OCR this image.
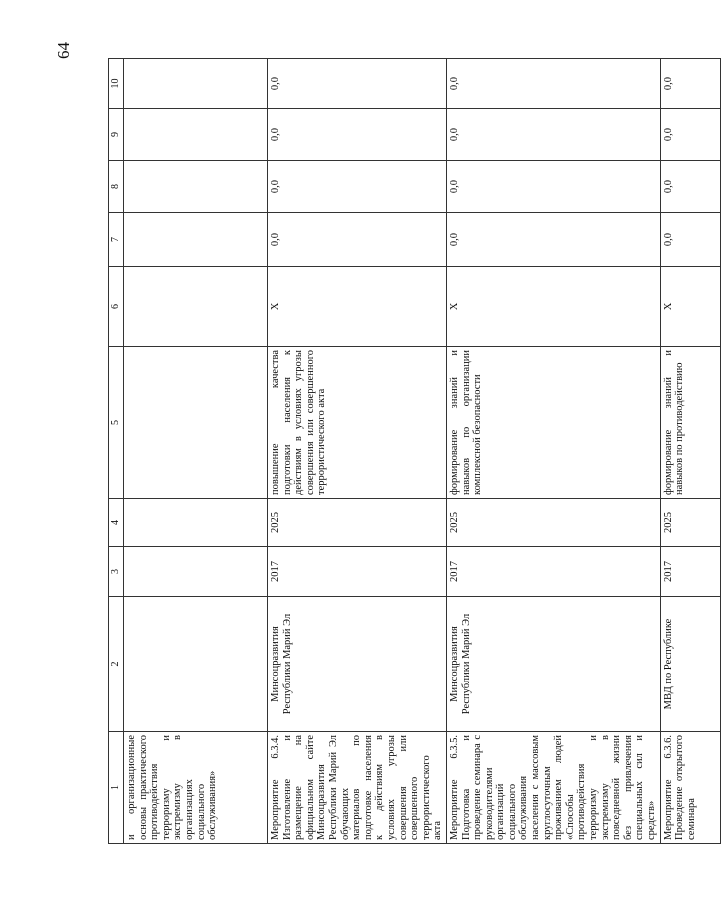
64
1	2	3	4	5	6	7	8	9	10
и организационные основы практического противодействия терроризму и экстремизму в организациях социального обслуживания»									
Мероприятие 6.3.4. Изготовление и размещение на официальном сайте Минсоцразвития Республики Марий Эл обучающих материалов по подготовке населения к действиям в условиях угрозы совершения или совершенного террористического акта	Минсоцразвития Республики Марий Эл	2017	2025	повышение качества подготовки населения к действиям в условиях угрозы совершения или совершенного террористического акта	X	0,0	0,0	0,0	0,0
Мероприятие 6.3.5. Подготовка и проведение семинара с руководителями организаций социального обслуживания населения с массовым круглосуточным проживанием людей «Способы противодействия терроризму и экстремизму в повседневной жизни без привлечения специальных сил и средств»	Минсоцразвития Республики Марий Эл	2017	2025	формирование знаний и навыков по организации комплексной безопасности	X	0,0	0,0	0,0	0,0
Мероприятие 6.3.6. Проведение открытого семинара	МВД по Республике	2017	2025	формирование знаний и навыков по противодействию	X	0,0	0,0	0,0	0,0
